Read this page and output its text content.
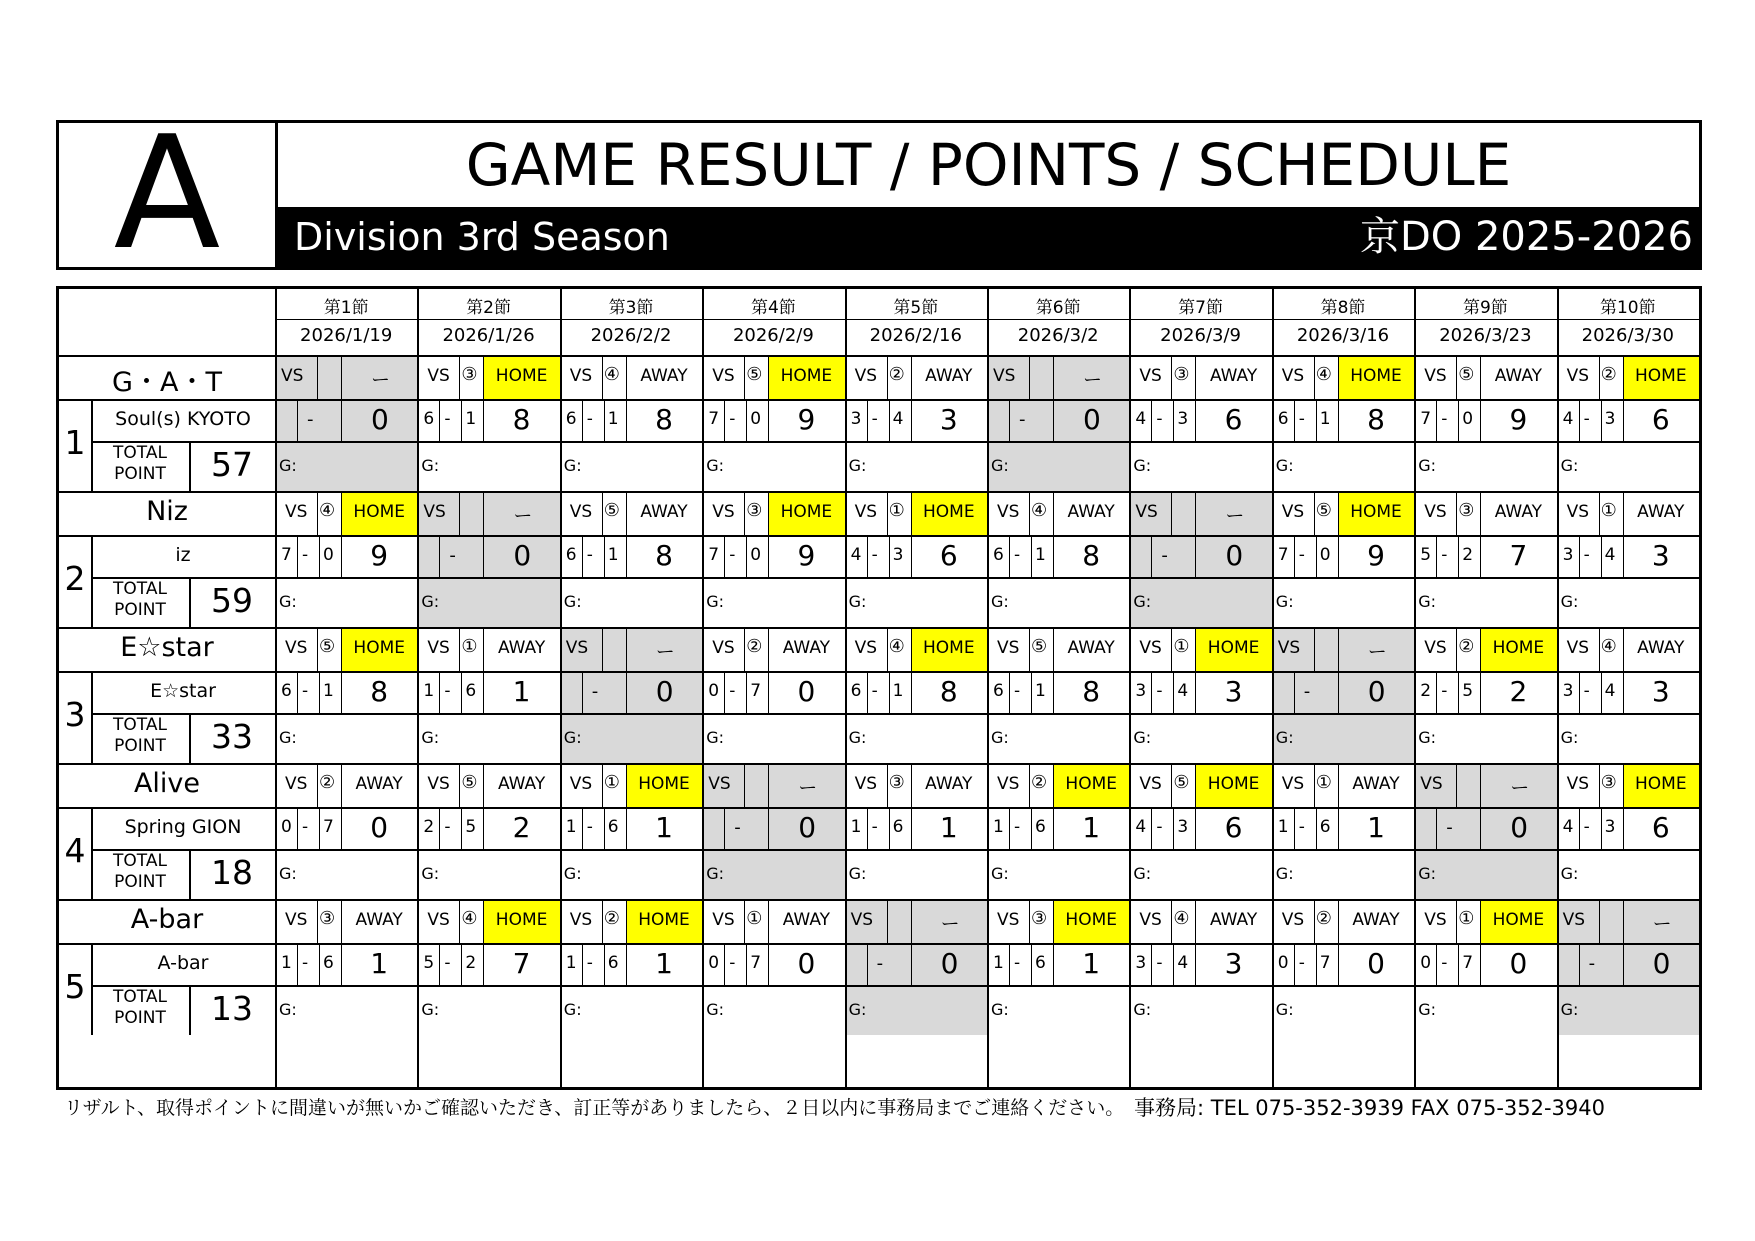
A	GAME RESULT / POINTS / SCHEDULE
Division 3rd Season	京DO 2025-2026
第1節
2026/1/19
第2節
2026/1/26
第3節
2026/2/2
第4節
2026/2/9
第5節
2026/2/16
第6節
2026/3/2
第7節
2026/3/9
第8節
2026/3/16
第9節
2026/3/23
第10節
2026/3/30
G・A・T
1
Soul(s) KYOTO
TOTAL
POINT	57
VS	ー
- 0
G:
VS ③	HOME
6 - 1	8
G:
VS ④	AWAY
6 - 1	8
G:
VS ⑤	HOME
7 - 0	9
G:
VS ②	AWAY
3 - 4	3
G:
VS	ー
- 0
G:
VS ③	AWAY
4 - 3	6
G:
VS ④	HOME
6 - 1	8
G:
VS ⑤	AWAY
7 - 0	9
G:
VS ②	HOME
4 - 3	6
G:
Niz
2
iz
TOTAL
POINT	59
VS ④	HOME
7 - 0	9
G:
VS	ー
- 0
G:
VS ⑤	AWAY
6 - 1	8
G:
VS ③	HOME
7 - 0	9
G:
VS ①	HOME
4 - 3	6
G:
VS ④	AWAY
6 - 1	8
G:
VS	ー
- 0
G:
VS ⑤	HOME
7 - 0	9
G:
VS ③	AWAY
5 - 2	7
G:
VS ①	AWAY
3 - 4	3
G:
E☆star
3
E☆star
TOTAL
POINT	33
VS ⑤	HOME
6 - 1	8
G:
VS ①	AWAY
1 - 6	1
G:
VS	ー
- 0
G:
VS ②	AWAY
0 - 7	0
G:
VS ④	HOME
6 - 1	8
G:
VS ⑤	AWAY
6 - 1	8
G:
VS ①	HOME
3 - 4	3
G:
VS	ー
- 0
G:
VS ②	HOME
2 - 5	2
G:
VS ④	AWAY
3 - 4	3
G:
Alive
4
Spring GION
TOTAL
POINT	18
VS ②	AWAY
0 - 7	0
G:
VS ⑤	AWAY
2 - 5	2
G:
VS ①	HOME
1 - 6	1
G:
VS	ー
- 0
G:
VS ③	AWAY
1 - 6	1
G:
VS ②	HOME
1 - 6	1
G:
VS ⑤	HOME
4 - 3	6
G:
VS ①	AWAY
1 - 6	1
G:
VS	ー
- 0
G:
VS ③	HOME
4 - 3	6
G:
A-bar
5
A-bar
TOTAL
POINT	13
VS ③	AWAY
1 - 6	1
G:
VS ④	HOME
5 - 2	7
G:
VS ②	HOME
1 - 6	1
G:
VS ①	AWAY
0 - 7	0
G:
VS	ー
- 0
G:
VS ③	HOME
1 - 6	1
G:
VS ④	AWAY
3 - 4	3
G:
VS ②	AWAY
0 - 7	0
G:
VS ①	HOME
0 - 7	0
G:
VS	ー
- 0
G:
リザルト、取得ポイントに間違いが無いかご確認いただき、訂正等がありましたら、２日以内に事務局までご連絡ください。 事務局: TEL 075-352-3939 FAX 075-352-3940
